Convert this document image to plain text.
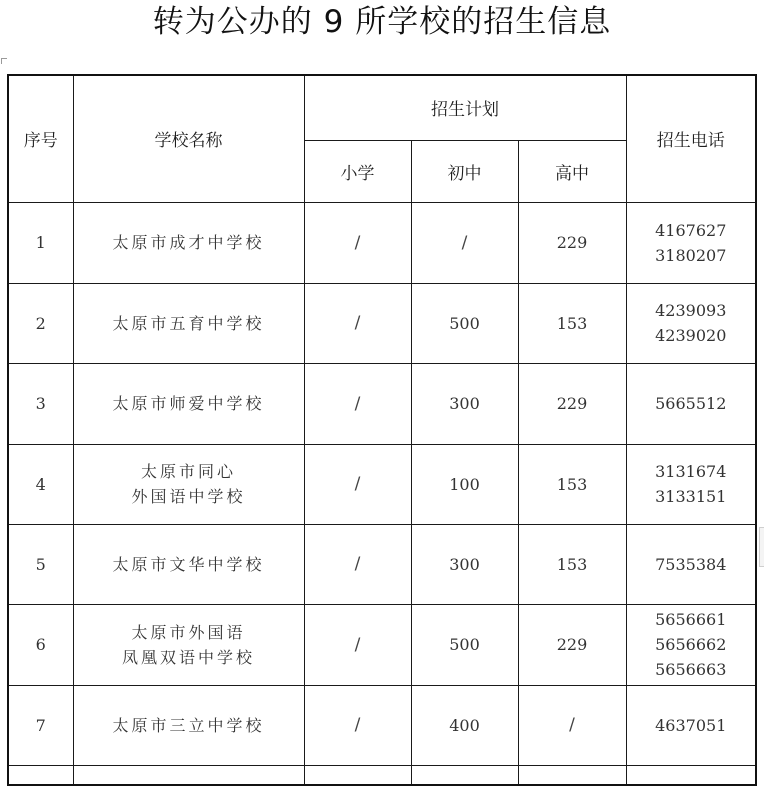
转为公办的 9 所学校的招生信息
序号	学校名称	招生计划			招生电话
		小学	初中	高中	
1	太原市成才中学校	/	/	229	4167627
3180207

2	太原市五育中学校	/	500	153	4239093
4239020

3	太原市师爱中学校	/	300	229	5665512

4	太原市同心
外国语中学校	/	100	153	3131674
3133151

5	太原市文华中学校	/	300	153	7535384

6	太原市外国语
凤凰双语中学校	/	500	229	5656661
5656662
5656663

7	太原市三立中学校	/	400	/	4637051
